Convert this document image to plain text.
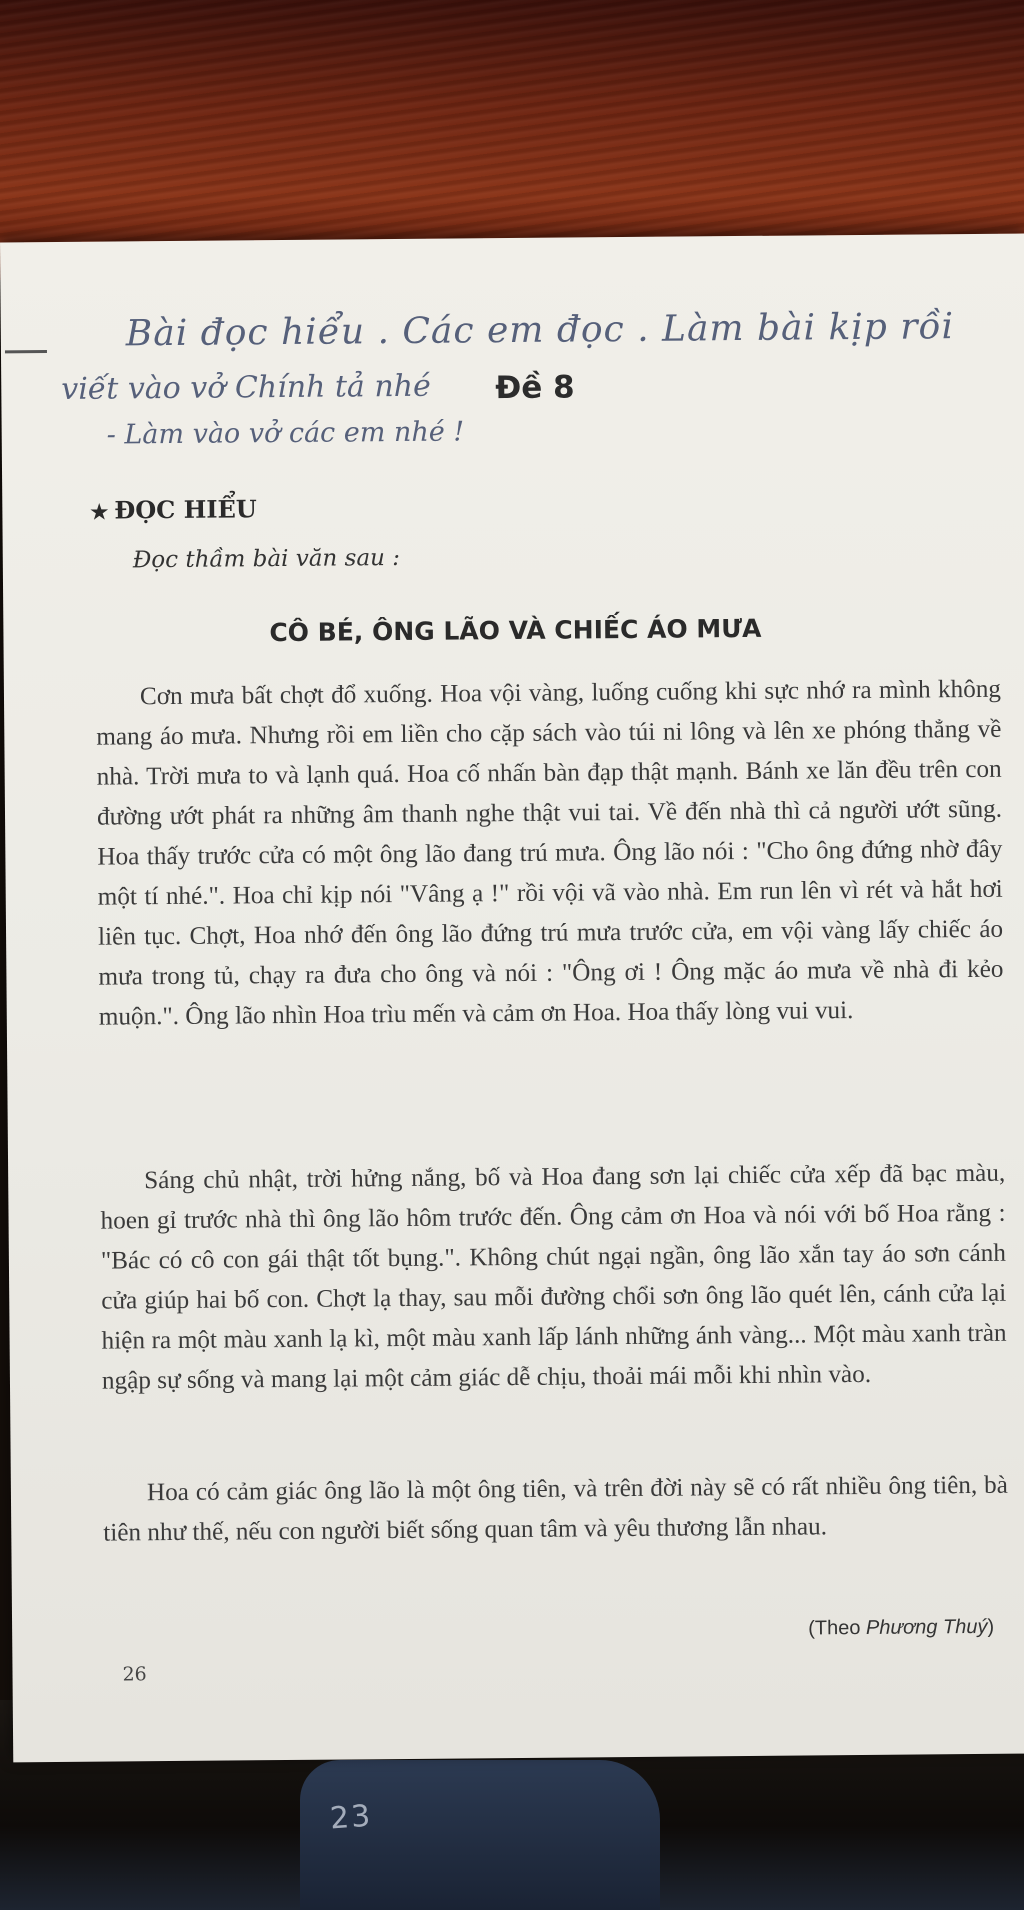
23
Bài đọc hiểu . Các em đọc . Làm bài kịp rồi
viết vào vở Chính tả nhé
- Làm vào vở các em nhé !
Đề 8
★ ĐỌC HIỂU
Đọc thầm bài văn sau :
CÔ BÉ, ÔNG LÃO VÀ CHIẾC ÁO MƯA

Cơn mưa bất chợt đổ xuống. Hoa vội vàng, luống cuống khi sực nhớ ra mình không mang áo mưa. Nhưng rồi em liền cho cặp sách vào túi ni lông và lên xe phóng thẳng về nhà. Trời mưa to và lạnh quá. Hoa cố nhấn bàn đạp thật mạnh. Bánh xe lăn đều trên con đường ướt phát ra những âm thanh nghe thật vui tai. Về đến nhà thì cả người ướt sũng. Hoa thấy trước cửa có một ông lão đang trú mưa. Ông lão nói : "Cho ông đứng nhờ đây một tí nhé.". Hoa chỉ kịp nói "Vâng ạ !" rồi vội vã vào nhà. Em run lên vì rét và hắt hơi liên tục. Chợt, Hoa nhớ đến ông lão đứng trú mưa trước cửa, em vội vàng lấy chiếc áo mưa trong tủ, chạy ra đưa cho ông và nói : "Ông ơi ! Ông mặc áo mưa về nhà đi kẻo muộn.". Ông lão nhìn Hoa trìu mến và cảm ơn Hoa. Hoa thấy lòng vui vui.

Sáng chủ nhật, trời hửng nắng, bố và Hoa đang sơn lại chiếc cửa xếp đã bạc màu, hoen gỉ trước nhà thì ông lão hôm trước đến. Ông cảm ơn Hoa và nói với bố Hoa rằng : "Bác có cô con gái thật tốt bụng.". Không chút ngại ngần, ông lão xắn tay áo sơn cánh cửa giúp hai bố con. Chợt lạ thay, sau mỗi đường chổi sơn ông lão quét lên, cánh cửa lại hiện ra một màu xanh lạ kì, một màu xanh lấp lánh những ánh vàng... Một màu xanh tràn ngập sự sống và mang lại một cảm giác dễ chịu, thoải mái mỗi khi nhìn vào.

Hoa có cảm giác ông lão là một ông tiên, và trên đời này sẽ có rất nhiều ông tiên, bà tiên như thế, nếu con người biết sống quan tâm và yêu thương lẫn nhau.

(Theo Phương Thuý)
26
